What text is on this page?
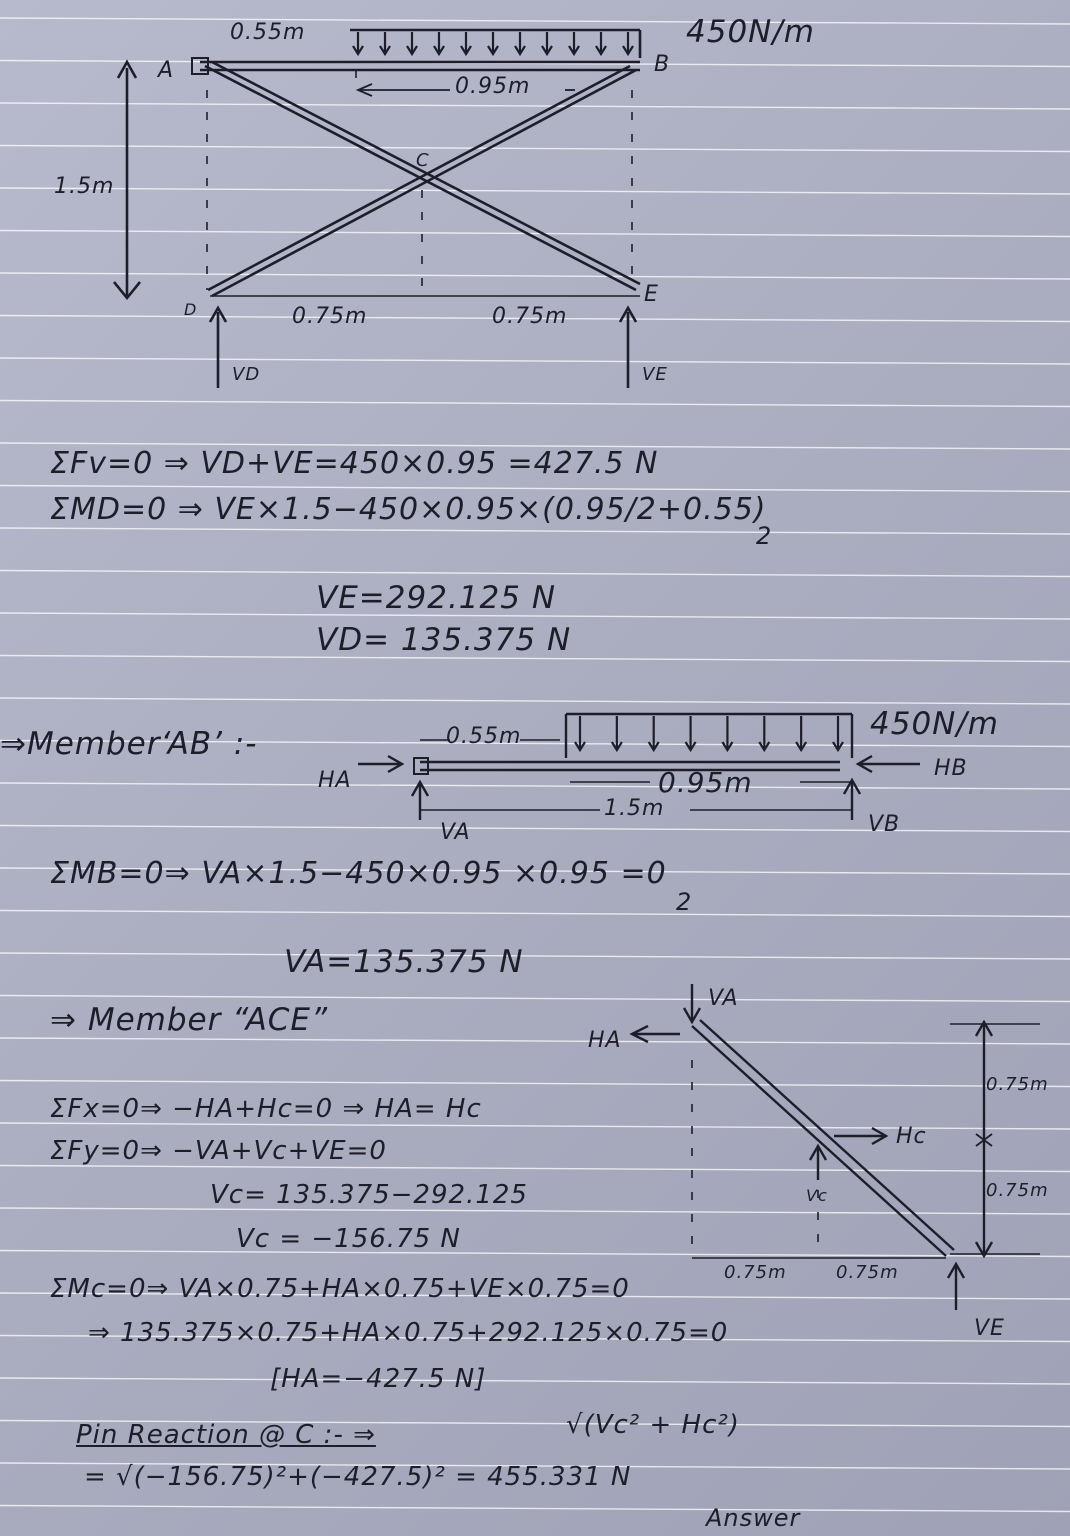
0.55m	450N/m
A	B
C
D
E
0.95m
1.5m
0.75m	0.75m
VD	VE
ΣFv=0 ⇒ VD+VE=450×0.95 =427.5 N
ΣMD=0 ⇒ VE×1.5−450×0.95×(0.95/2+0.55)
2
VE=292.125 N
VD= 135.375 N
⇒Member‘AB’ :-	0.55m	450N/m
HA	HB
0.95m
1.5m
VA	VB
ΣMB=0⇒ VA×1.5−450×0.95 ×0.95 =0
2
VA=135.375 N
⇒ Member “ACE”
VA
HA
Hc
Vc
VE
0.75m
0.75m
0.75m	0.75m
ΣFx=0⇒ −HA+Hc=0 ⇒ HA= Hc
ΣFy=0⇒ −VA+Vc+VE=0
Vc= 135.375−292.125
Vc = −156.75 N
ΣMc=0⇒ VA×0.75+HA×0.75+VE×0.75=0
⇒ 135.375×0.75+HA×0.75+292.125×0.75=0
[HA=−427.5 N]
Pin Reaction @ C :- ⇒	√(Vc² + Hc²)
= √(−156.75)²+(−427.5)² = 455.331 N
Answer
